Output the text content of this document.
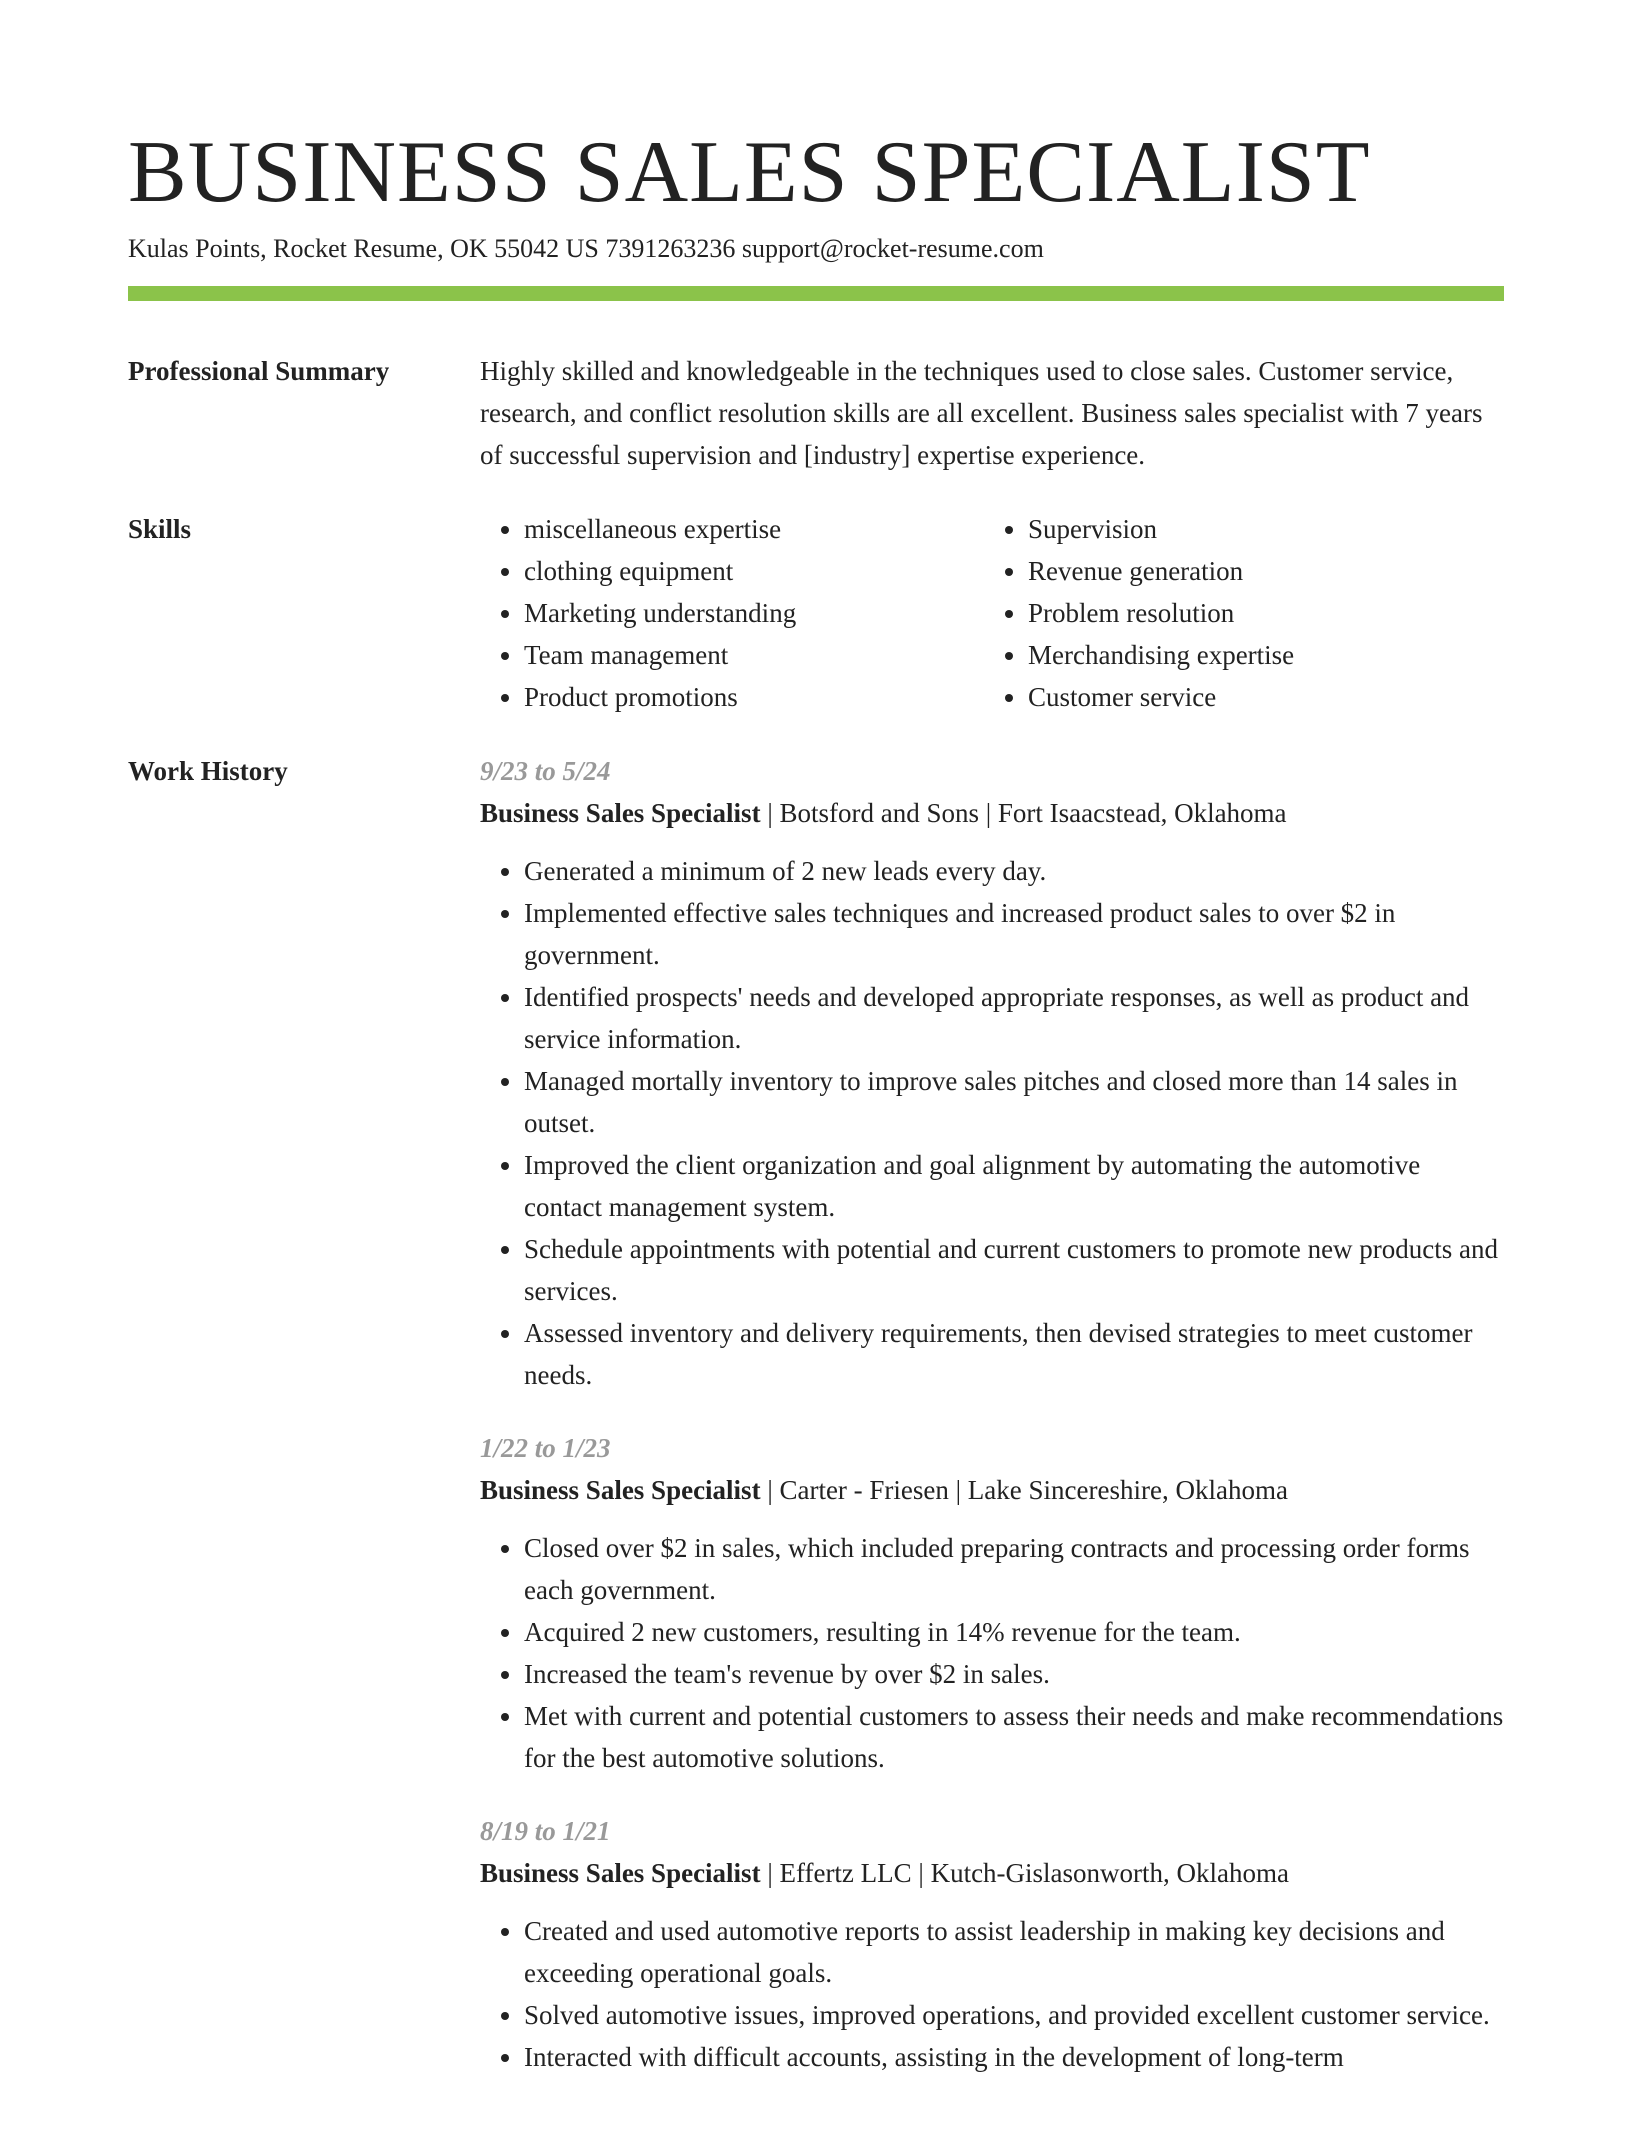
BUSINESS SALES SPECIALIST
Kulas Points, Rocket Resume, OK 55042 US 7391263236 support@rocket-resume.com
Professional Summary	Highly skilled and knowledgeable in the techniques used to close sales. Customer service, research, and conflict resolution skills are all excellent. Business sales specialist with 7 years of successful supervision and [industry] expertise experience.

Skills
•	miscellaneous expertise
• clothing equipment
• Marketing understanding
• Team management
• Product promotions
• Supervision
• Revenue generation
• Problem resolution
• Merchandising expertise
• Customer service
Work History	9/23 to 5/24
Business Sales Specialist | Botsford and Sons | Fort Isaacstead, Oklahoma
• Generated a minimum of 2 new leads every day.
• Implemented effective sales techniques and increased product sales to over $2 in government.
• Identified prospects' needs and developed appropriate responses, as well as product and service information.
• Managed mortally inventory to improve sales pitches and closed more than 14 sales in outset.
• Improved the client organization and goal alignment by automating the automotive contact management system.
• Schedule appointments with potential and current customers to promote new products and services.
• Assessed inventory and delivery requirements, then devised strategies to meet customer needs.
1/22 to 1/23
Business Sales Specialist | Carter - Friesen | Lake Sincereshire, Oklahoma
• Closed over $2 in sales, which included preparing contracts and processing order forms each government.
• Acquired 2 new customers, resulting in 14% revenue for the team.
• Increased the team's revenue by over $2 in sales.
• Met with current and potential customers to assess their needs and make recommendations for the best automotive solutions.
8/19 to 1/21
Business Sales Specialist | Effertz LLC | Kutch-Gislasonworth, Oklahoma
• Created and used automotive reports to assist leadership in making key decisions and exceeding operational goals.
• Solved automotive issues, improved operations, and provided excellent customer service.
• Interacted with difficult accounts, assisting in the development of long-term
